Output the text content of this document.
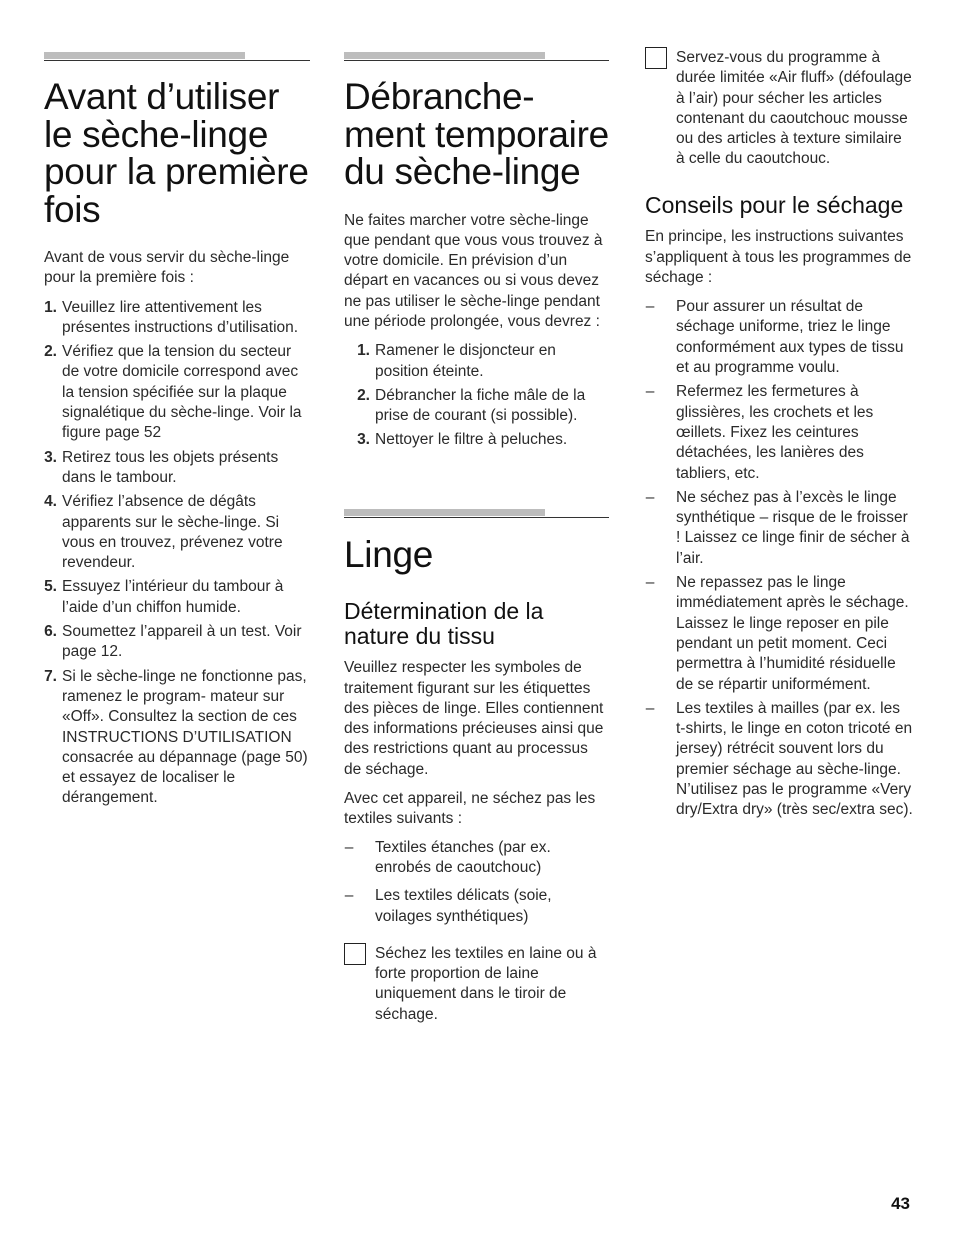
Avant d’utiliser le sèche-linge pour la première fois

Avant de vous servir du sèche-linge pour la première fois :

1. Veuillez lire attentivement les présentes instructions d’utilisation.
2. Vérifiez que la tension du secteur de votre domicile correspond avec la tension spécifiée sur la plaque signalétique du sèche-linge. Voir la figure page 52
3. Retirez tous les objets présents dans le tambour.
4. Vérifiez l’absence de dégâts apparents sur le sèche-linge. Si vous en trouvez, prévenez votre revendeur.
5. Essuyez l’intérieur du tambour à l’aide d’un chiffon humide.
6. Soumettez l’appareil à un test. Voir page 12.
7. Si le sèche-linge ne fonctionne pas, ramenez le program- mateur sur «Off». Consultez la section de ces INSTRUCTIONS D’UTILISATION consacrée au dépannage (page 50) et essayez de localiser le dérangement.
Débranche- ment temporaire du sèche-linge

Ne faites marcher votre sèche-linge que pendant que vous vous trouvez à votre domicile. En prévision d’un départ en vacances ou si vous devez ne pas utiliser le sèche-linge pendant une période prolongée, vous devrez :

1. Ramener le disjoncteur en position éteinte.
2. Débrancher la fiche mâle de la prise de courant (si possible).
3. Nettoyer le filtre à peluches.
Linge
Détermination de la nature du tissu

Veuillez respecter les symboles de traitement figurant sur les étiquettes des pièces de linge. Elles contiennent des informations précieuses ainsi que des restrictions quant au processus de séchage.

Avec cet appareil, ne séchez pas les textiles suivants :

– Textiles étanches (par ex. enrobés de caoutchouc)
– Les textiles délicats (soie, voilages synthétiques)
Séchez les textiles en laine ou à forte proportion de laine uniquement dans le tiroir de séchage.
Servez-vous du programme à durée limitée «Air fluff» (défoulage à l’air) pour sécher les articles contenant du caoutchouc mousse ou des articles à texture similaire à celle du caoutchouc.
Conseils pour le séchage

En principe, les instructions suivantes s’appliquent à tous les programmes de séchage :

– Pour assurer un résultat de séchage uniforme, triez le linge conformément aux types de tissu et au programme voulu.
– Refermez les fermetures à glissières, les crochets et les œillets. Fixez les ceintures détachées, les lanières des tabliers, etc.
– Ne séchez pas à l’excès le linge synthétique – risque de le froisser ! Laissez ce linge finir de sécher à l’air.
– Ne repassez pas le linge immédiatement après le séchage. Laissez le linge reposer en pile pendant un petit moment. Ceci permettra à l’humidité résiduelle de se répartir uniformément.
– Les textiles à mailles (par ex. les t-shirts, le linge en coton tricoté en jersey) rétrécit souvent lors du premier séchage au sèche-linge. N’utilisez pas le programme «Very dry/Extra dry» (très sec/extra sec).
43
